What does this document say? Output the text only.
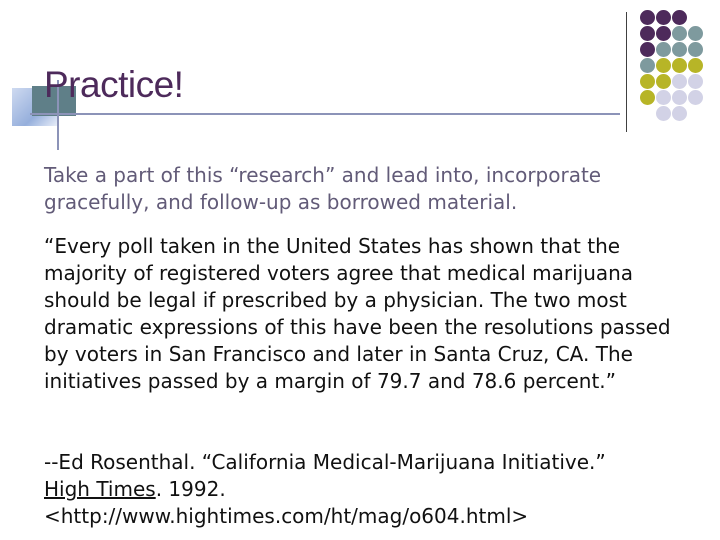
Practice!

Take a part of this “research” and lead into, incorporate gracefully, and follow-up as borrowed material.

“Every poll taken in the United States has shown that the majority of registered voters agree that medical marijuana should be legal if prescribed by a physician. The two most dramatic expressions of this have been the resolutions passed by voters in San Francisco and later in Santa Cruz, CA. The initiatives passed by a margin of 79.7 and 78.6 percent.”

--Ed Rosenthal. “California Medical-Marijuana Initiative.”
High Times. 1992.
<http://www.hightimes.com/ht/mag/o604.html>
